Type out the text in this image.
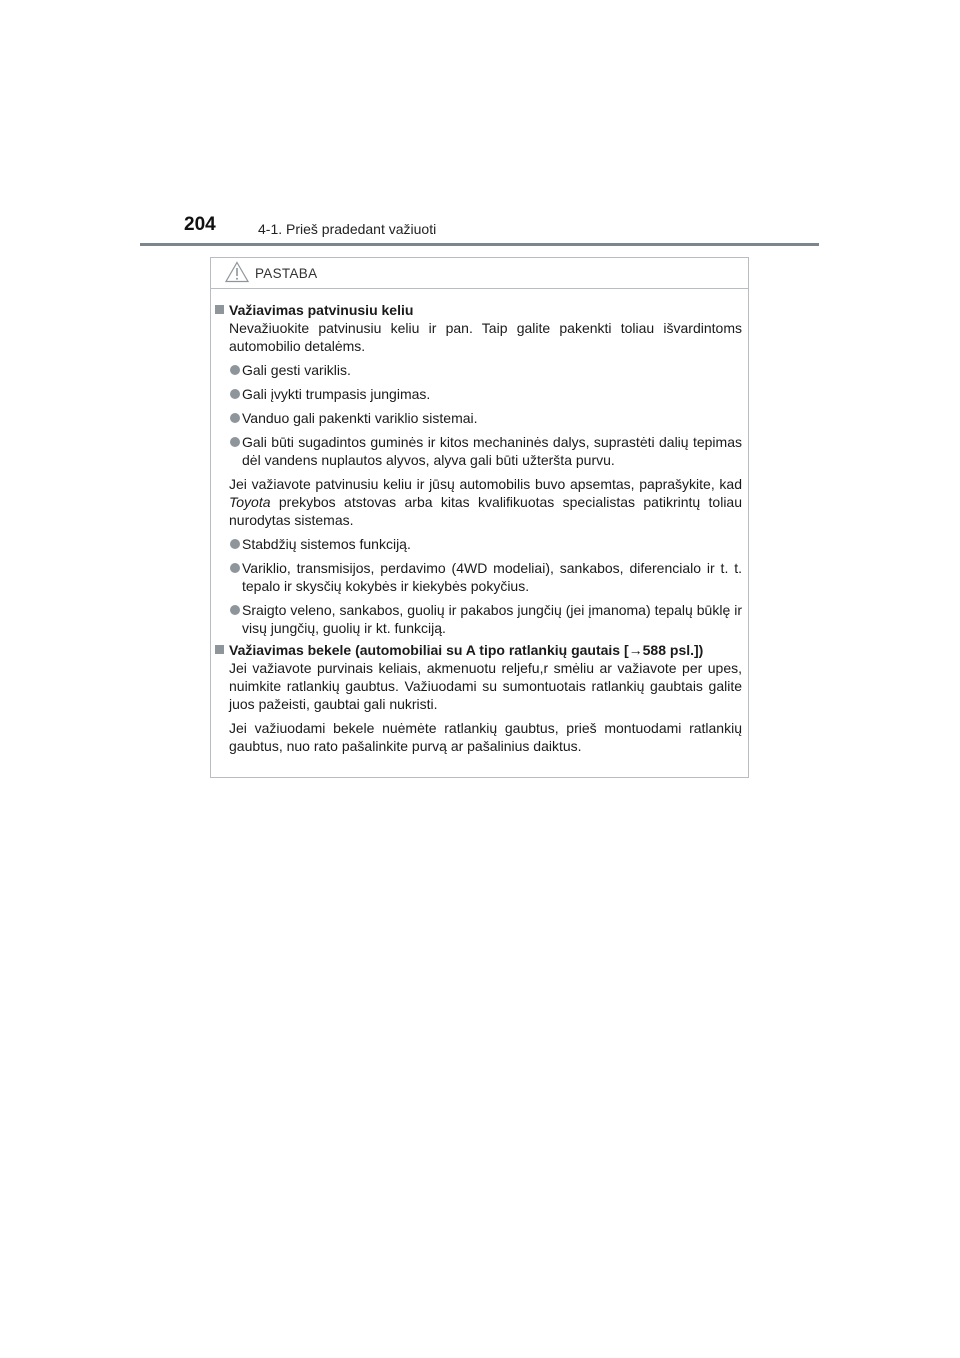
204	4-1. Prieš pradedant važiuoti
PASTABA
Važiavimas patvinusiu keliu
Nevažiuokite patvinusiu keliu ir pan. Taip galite pakenkti toliau išvardintoms automobilio detalėms.
Gali gesti variklis.
Gali įvykti trumpasis jungimas.
Vanduo gali pakenkti variklio sistemai.
Gali būti sugadintos guminės ir kitos mechaninės dalys, suprastėti dalių tepimas dėl vandens nuplautos alyvos, alyva gali būti užteršta purvu.
Jei važiavote patvinusiu keliu ir jūsų automobilis buvo apsemtas, paprašykite, kad Toyota prekybos atstovas arba kitas kvalifikuotas specialistas patikrintų toliau nurodytas sistemas.
Stabdžių sistemos funkciją.
Variklio, transmisijos, perdavimo (4WD modeliai), sankabos, diferencialo ir t. t. tepalo ir skysčių kokybės ir kiekybės pokyčius.
Sraigto veleno, sankabos, guolių ir pakabos jungčių (jei įmanoma) tepalų būklę ir visų jungčių, guolių ir kt. funkciją.
Važiavimas bekele (automobiliai su A tipo ratlankių gautais [→588 psl.])
Jei važiavote purvinais keliais, akmenuotu reljefu,r smėliu ar važiavote per upes, nuimkite ratlankių gaubtus. Važiuodami su sumontuotais ratlankių gaubtais galite juos pažeisti, gaubtai gali nukristi.
Jei važiuodami bekele nuėmėte ratlankių gaubtus, prieš montuodami ratlankių gaubtus, nuo rato pašalinkite purvą ar pašalinius daiktus.
